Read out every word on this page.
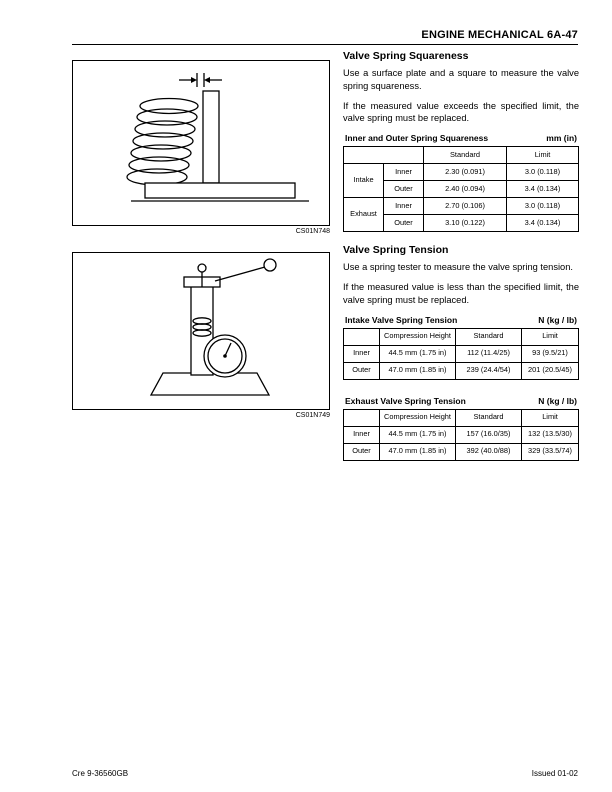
ENGINE MECHANICAL 6A-47
CS01N748
CS01N749
Valve Spring Squareness

Use a surface plate and a square to measure the valve spring squareness.

If the measured value exceeds the specified limit, the valve spring must be replaced.

Inner and Outer Spring Squareness	mm (in)
		Standard	Limit
Intake	Inner	2.30 (0.091)	3.0 (0.118)
	Outer	2.40 (0.094)	3.4 (0.134)
Exhaust	Inner	2.70 (0.106)	3.0 (0.118)
	Outer	3.10 (0.122)	3.4 (0.134)
Valve Spring Tension

Use a spring tester to measure the valve spring tension.

If the measured value is less than the specified limit, the valve spring must be replaced.

Intake Valve Spring Tension	N (kg / lb)
	Compression Height	Standard	Limit
Inner	44.5 mm (1.75 in)	112 (11.4/25)	93 (9.5/21)
Outer	47.0 mm (1.85 in)	239 (24.4/54)	201 (20.5/45)
Exhaust Valve Spring Tension	N (kg / lb)
	Compression Height	Standard	Limit
Inner	44.5 mm (1.75 in)	157 (16.0/35)	132 (13.5/30)
Outer	47.0 mm (1.85 in)	392 (40.0/88)	329 (33.5/74)
Cre 9-36560GB	Issued 01-02
